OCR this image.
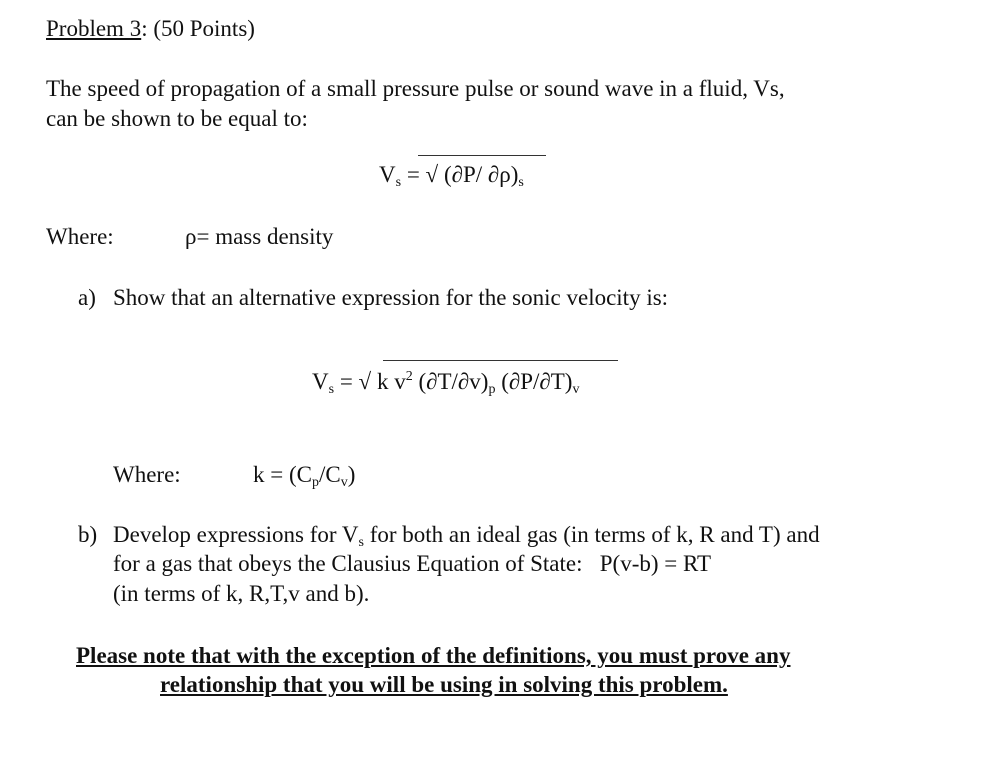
Problem 3: (50 Points)
The speed of propagation of a small pressure pulse or sound wave in a fluid, Vs,
can be shown to be equal to:
$V_s$ = √ (∂P/ $\partial\rho)_s$
Where:	ρ= mass density
a) Show that an alternative expression for the sonic velocity is:
$V_s$ = √ k $v^2$ $(\partial T/\partial v)_p$ $(\partial P/\partial T)_v$
Where:	$k = (C_p/C_v)$
b) Develop expressions for $V_s$ for both an ideal gas (in terms of k, R and T) and
for a gas that obeys the Clausius Equation of State:   P(v-b) = RT
(in terms of k, R,T,v and b).
Please note that with the exception of the definitions, you must prove any
relationship that you will be using in solving this problem.
